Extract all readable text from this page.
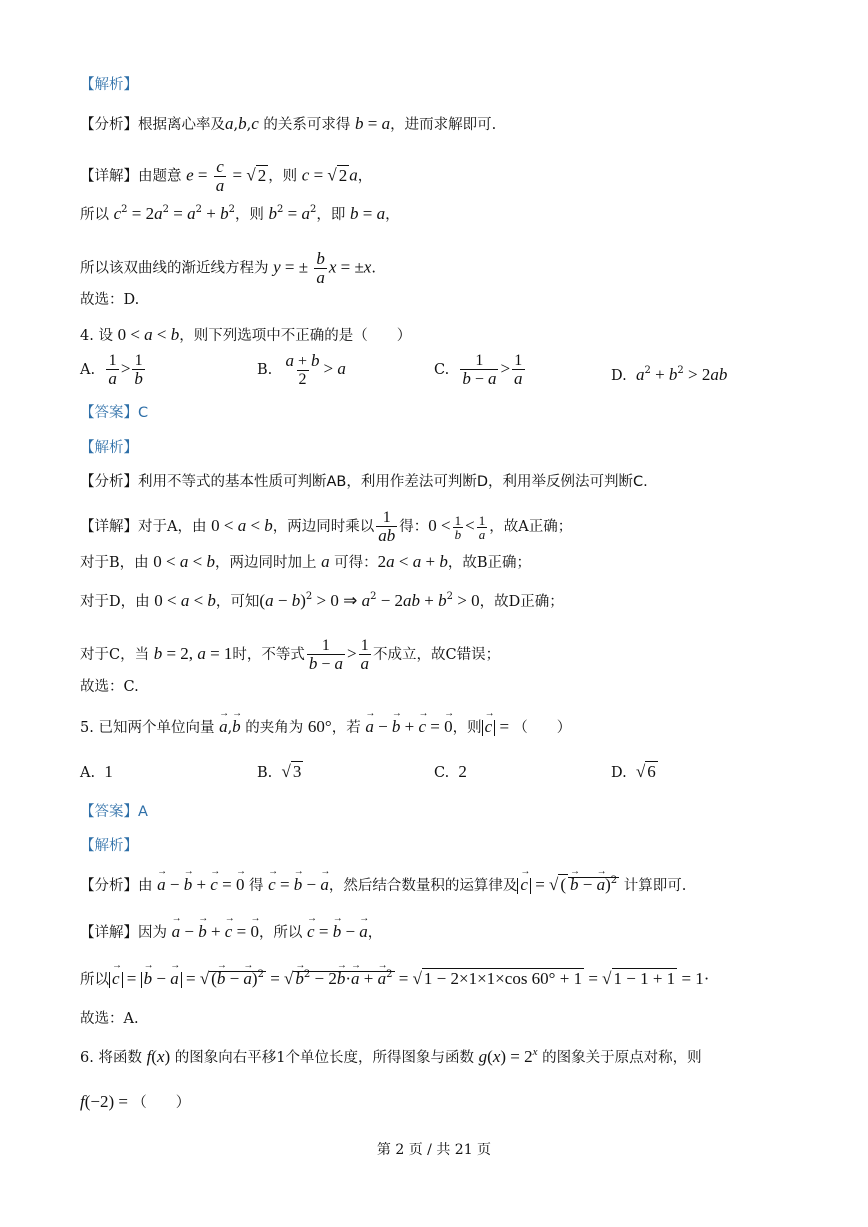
【解析】
【分析】根据离心率及a,b,c 的关系可求得 b = a，进而求解即可.
【详解】由题意 $e = \frac{c}{a}$ = √ 2 ，则 c = √ 2 a，
所以 $c^2 = 2a^2 = a^2 + b^2$，则 $b^2 = a^2$，即 b = a，
所以该双曲线的渐近线方程为 y = ± $\frac{b}{a}$ x = ±x.
故选：D.
4. 设 0 < a < b，则下列选项中不正确的是（　　）
A. $\frac{1}{a} > \frac{1}{b}$	B. $\frac{a + b}{2} > a$	C. $\frac{1}{b - a} > \frac{1}{a}$	D.  $a^2 + b^2 > 2ab$
【答案】C
【解析】
【分析】利用不等式的基本性质可判断AB，利用作差法可判断D，利用举反例法可判断C.
【详解】对于A，由 0 < a < b，两边同时乘以 $\frac{1}{ab}$ 得：$0 < \frac{1}{b} < \frac{1}{a}$ ，故A正确；
对于B，由 0 < a < b，两边同时加上 a 可得：2a < a + b，故B正确；
对于D，由 0 < a < b，可知$(a - b)^2 > 0$ ⇒ $a^2 - 2ab + b^2 > 0$，故D正确；
对于C，当 b = 2, a = 1时，不等式 $\frac{1}{b - a} > \frac{1}{a}$ 不成立，故C错误；
故选：C.
5. 已知两个单位向量 → a,→ b 的夹角为 60°，若 → a − → b + → c = → 0，则 → c = （　　）
A.  1	B.  √ 3	C.  2	D.  √ 6
【答案】A
【解析】
【分析】由 → a − → b + → c = → 0 得 → c = → b − → a，然后结合数量积的运算律及 → c = √ ( → b − → a)$^2$ 计算即可.
【详解】因为 → a − → b + → c = → 0，所以 → c = → b − → a，
所以 → c = → b − → a = √ (→ b − → a)$^2$ = √ → $b^2 - 2\to b\cdot\to a$ + → $a^2$ = √ 1 − 2×1×1×cos 60° + 1 = √ 1 − 1 + 1 = 1·
故选：A.
6. 将函数 f(x) 的图象向右平移1个单位长度，所得图象与函数 $g(x) = 2^x$ 的图象关于原点对称，则
f(−2) = （　　）
第 2 页 / 共 21 页
